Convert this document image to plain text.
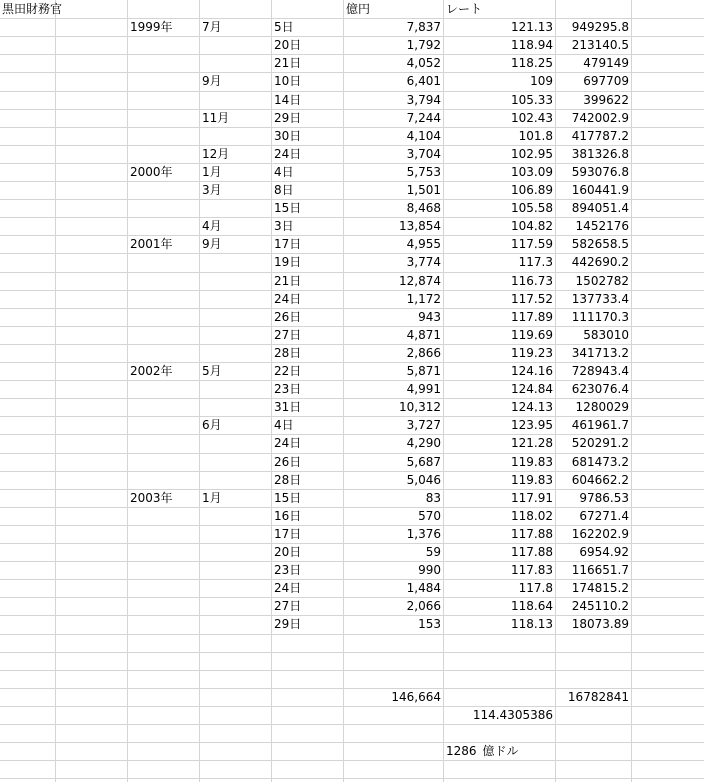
黒田財務官	億円	レート
1999年	7月	5日	7,837	121.13	949295.8
20日	1,792	118.94	213140.5
21日	4,052	118.25	479149
9月	10日	6,401	109	697709
14日	3,794	105.33	399622
11月	29日	7,244	102.43	742002.9
30日	4,104	101.8	417787.2
12月	24日	3,704	102.95	381326.8
2000年	1月	4日	5,753	103.09	593076.8
3月	8日	1,501	106.89	160441.9
15日	8,468	105.58	894051.4
4月	3日	13,854	104.82	1452176
2001年	9月	17日	4,955	117.59	582658.5
19日	3,774	117.3	442690.2
21日	12,874	116.73	1502782
24日	1,172	117.52	137733.4
26日	943	117.89	111170.3
27日	4,871	119.69	583010
28日	2,866	119.23	341713.2
2002年	5月	22日	5,871	124.16	728943.4
23日	4,991	124.84	623076.4
31日	10,312	124.13	1280029
6月	4日	3,727	123.95	461961.7
24日	4,290	121.28	520291.2
26日	5,687	119.83	681473.2
28日	5,046	119.83	604662.2
2003年	1月	15日	83	117.91	9786.53
16日	570	118.02	67271.4
17日	1,376	117.88	162202.9
20日	59	117.88	6954.92
23日	990	117.83	116651.7
24日	1,484	117.8	174815.2
27日	2,066	118.64	245110.2
29日	153	118.13	18073.89
146,664	16782841
114.4305386
1286 億ドル
